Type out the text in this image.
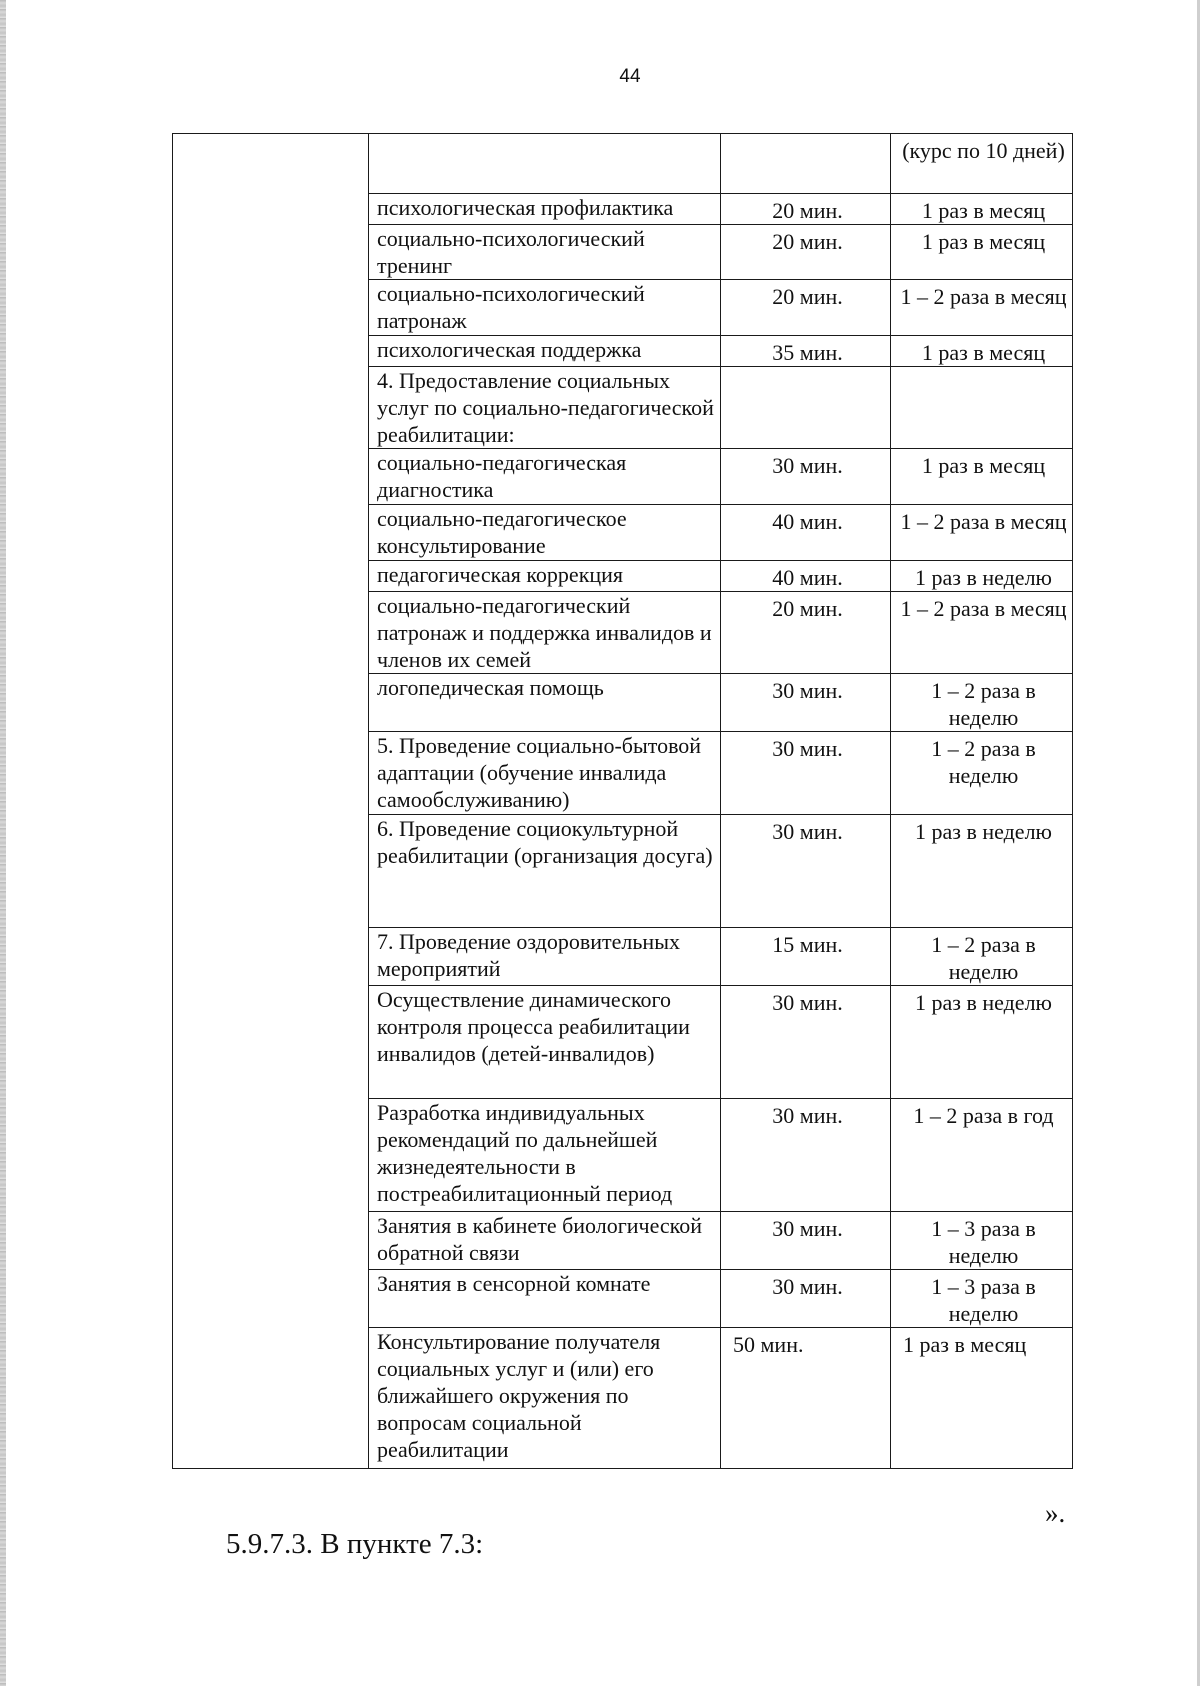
44
			(курс по 10 дней)
	психологическая профилактика	20 мин.	1 раз в месяц
	социально-психологический тренинг	20 мин.	1 раз в месяц
	социально-психологический патронаж	20 мин.	1 – 2 раза в месяц
	психологическая поддержка	35 мин.	1 раз в месяц
	4. Предоставление социальных услуг по социально-педагогической реабилитации:		
	социально-педагогическая диагностика	30 мин.	1 раз в месяц
	социально-педагогическое консультирование	40 мин.	1 – 2 раза в месяц
	педагогическая коррекция	40 мин.	1 раз в неделю
	социально-педагогический патронаж и поддержка инвалидов и членов их семей	20 мин.	1 – 2 раза в месяц
	логопедическая помощь	30 мин.	1 – 2 раза в неделю
	5. Проведение социально-бытовой адаптации (обучение инвалида самообслуживанию)	30 мин.	1 – 2 раза в неделю
	6. Проведение социокультурной реабилитации (организация досуга)	30 мин.	1 раз в неделю
	7. Проведение оздоровительных мероприятий	15 мин.	1 – 2 раза в неделю
	Осуществление динамического контроля процесса реабилитации инвалидов (детей-инвалидов)	30 мин.	1 раз в неделю
	Разработка индивидуальных рекомендаций по дальнейшей жизнедеятельности в постреабилитационный период	30 мин.	1 – 2 раза в год
	Занятия в кабинете биологической обратной связи	30 мин.	1 – 3 раза в неделю
	Занятия в сенсорной комнате	30 мин.	1 – 3 раза в неделю
	Консультирование получателя социальных услуг и (или) его ближайшего окружения по вопросам социальной реабилитации	50 мин.	1 раз в месяц
».
5.9.7.3. В пункте 7.3:
